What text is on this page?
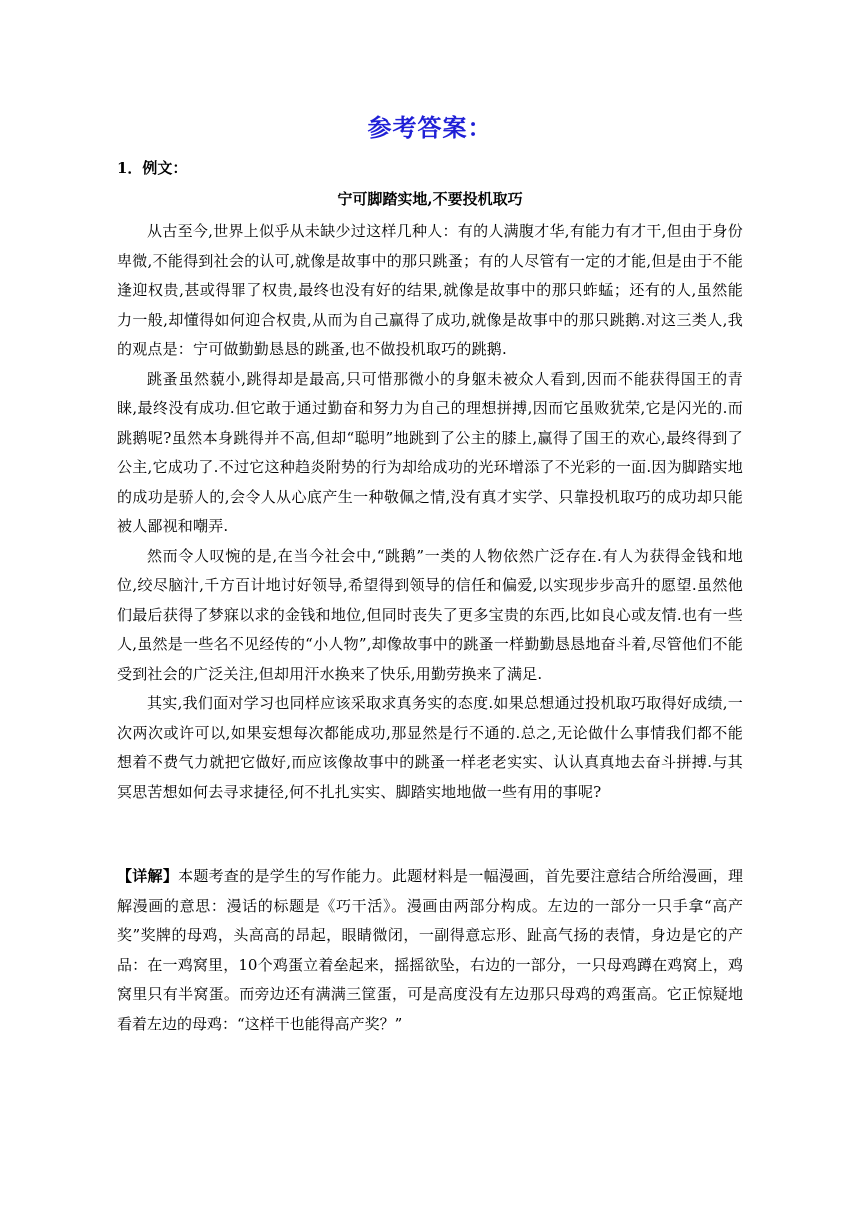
参考答案：
1．例文：
宁可脚踏实地,不要投机取巧

从古至今,世界上似乎从未缺少过这样几种人：有的人满腹才华,有能力有才干,但由于身份卑微,不能得到社会的认可,就像是故事中的那只跳蚤；有的人尽管有一定的才能,但是由于不能逢迎权贵,甚或得罪了权贵,最终也没有好的结果,就像是故事中的那只蚱蜢；还有的人,虽然能力一般,却懂得如何迎合权贵,从而为自己赢得了成功,就像是故事中的那只跳鹅.对这三类人,我的观点是：宁可做勤勤恳恳的跳蚤,也不做投机取巧的跳鹅.

跳蚤虽然藐小,跳得却是最高,只可惜那微小的身躯未被众人看到,因而不能获得国王的青睐,最终没有成功.但它敢于通过勤奋和努力为自己的理想拼搏,因而它虽败犹荣,它是闪光的.而跳鹅呢?虽然本身跳得并不高,但却“聪明”地跳到了公主的膝上,赢得了国王的欢心,最终得到了公主,它成功了.不过它这种趋炎附势的行为却给成功的光环增添了不光彩的一面.因为脚踏实地的成功是骄人的,会令人从心底产生一种敬佩之情,没有真才实学、只靠投机取巧的成功却只能被人鄙视和嘲弄.

然而令人叹惋的是,在当今社会中,“跳鹅”一类的人物依然广泛存在.有人为获得金钱和地位,绞尽脑汁,千方百计地讨好领导,希望得到领导的信任和偏爱,以实现步步高升的愿望.虽然他们最后获得了梦寐以求的金钱和地位,但同时丧失了更多宝贵的东西,比如良心或友情.也有一些人,虽然是一些名不见经传的“小人物”,却像故事中的跳蚤一样勤勤恳恳地奋斗着,尽管他们不能受到社会的广泛关注,但却用汗水换来了快乐,用勤劳换来了满足.

其实,我们面对学习也同样应该采取求真务实的态度.如果总想通过投机取巧取得好成绩,一次两次或许可以,如果妄想每次都能成功,那显然是行不通的.总之,无论做什么事情我们都不能想着不费气力就把它做好,而应该像故事中的跳蚤一样老老实实、认认真真地去奋斗拼搏.与其冥思苦想如何去寻求捷径,何不扎扎实实、脚踏实地地做一些有用的事呢?

【详解】本题考查的是学生的写作能力。此题材料是一幅漫画，首先要注意结合所给漫画，理解漫画的意思：漫话的标题是《巧干活》。漫画由两部分构成。左边的一部分一只手拿“高产奖”奖牌的母鸡，头高高的昂起，眼睛微闭，一副得意忘形、趾高气扬的表情，身边是它的产品：在一鸡窝里，10个鸡蛋立着垒起来，摇摇欲坠，右边的一部分，一只母鸡蹲在鸡窝上，鸡窝里只有半窝蛋。而旁边还有满满三筐蛋，可是高度没有左边那只母鸡的鸡蛋高。它正惊疑地看着左边的母鸡：“这样干也能得高产奖？”
